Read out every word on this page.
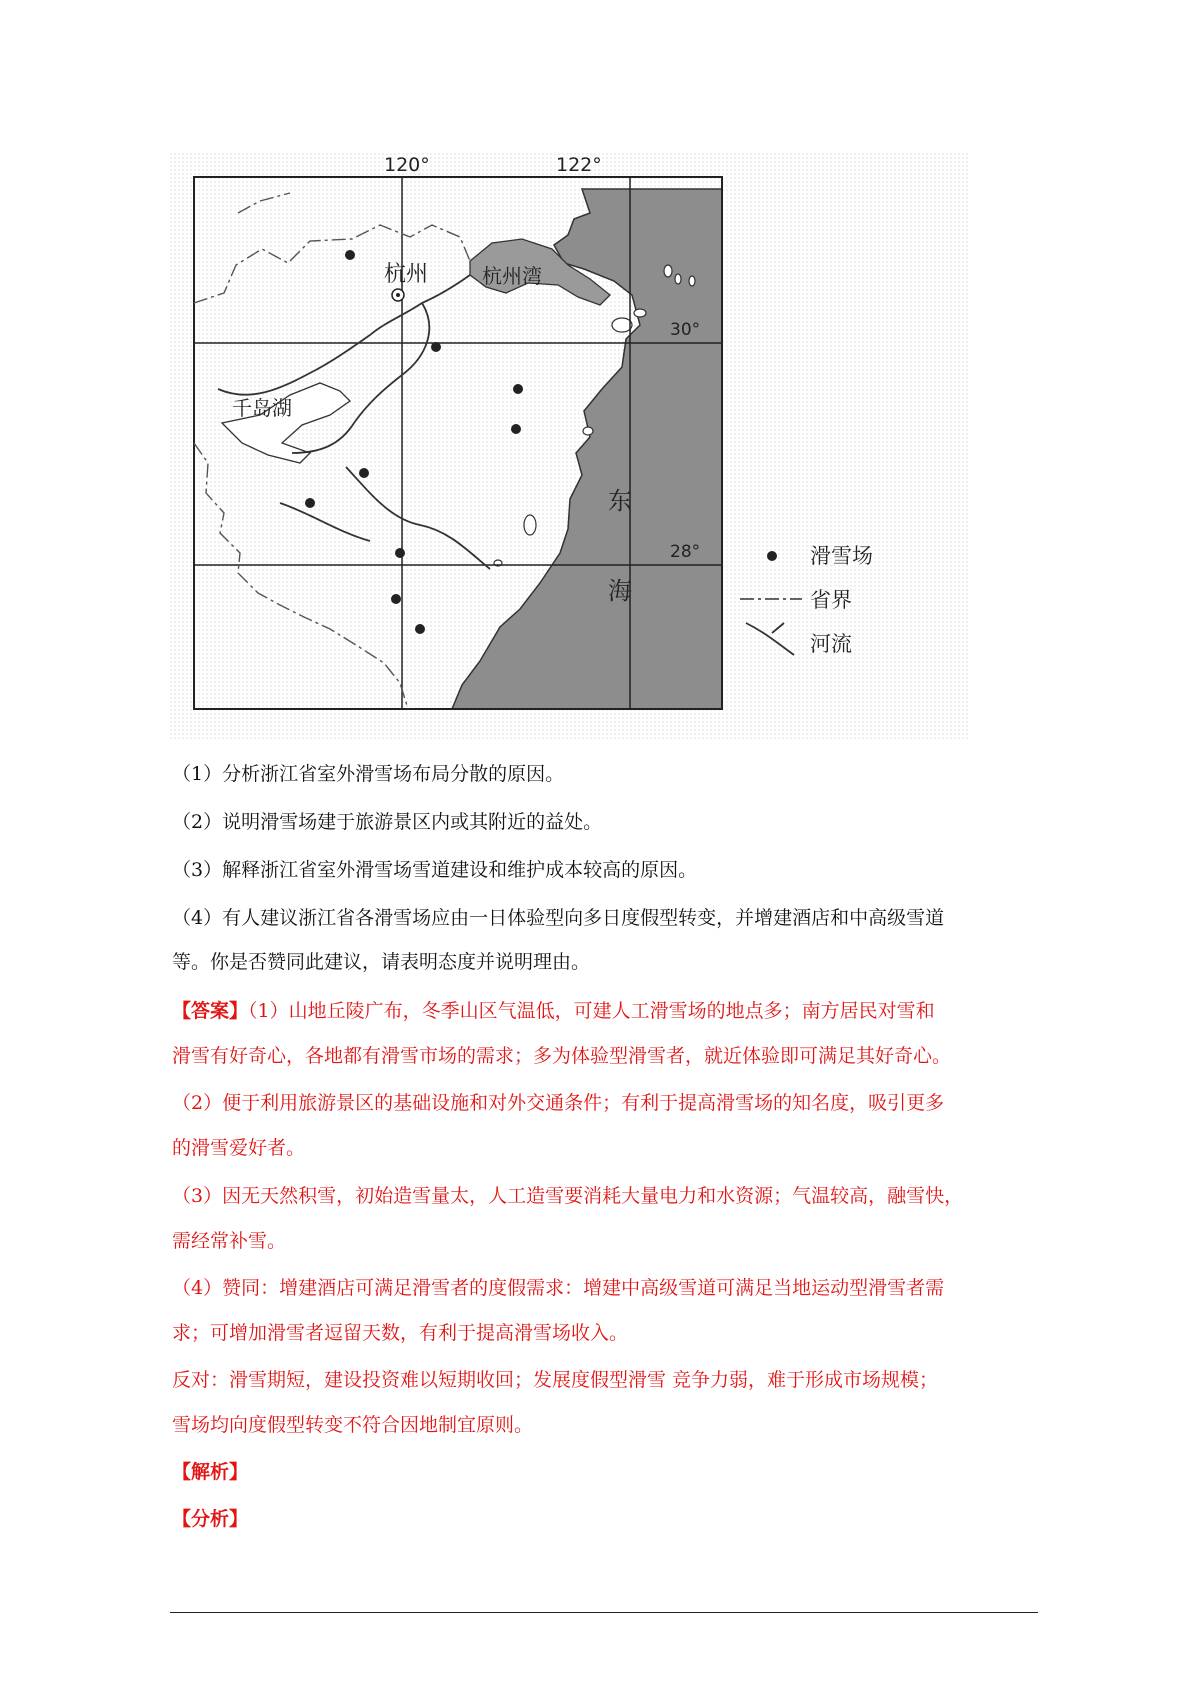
120°	122°
30°
28°
杭州	杭州湾
千岛湖
东
海
滑雪场
省界
河流
（1）分析浙江省室外滑雪场布局分散的原因。
（2）说明滑雪场建于旅游景区内或其附近的益处。
（3）解释浙江省室外滑雪场雪道建设和维护成本较高的原因。
（4）有人建议浙江省各滑雪场应由一日体验型向多日度假型转变，并增建酒店和中高级雪道
等。你是否赞同此建议，请表明态度并说明理由。
【答案】（1）山地丘陵广布，冬季山区气温低，可建人工滑雪场的地点多；南方居民对雪和
滑雪有好奇心，各地都有滑雪市场的需求；多为体验型滑雪者，就近体验即可满足其好奇心。
（2）便于利用旅游景区的基础设施和对外交通条件；有利于提高滑雪场的知名度，吸引更多
的滑雪爱好者。
（3）因无天然积雪，初始造雪量太，人工造雪要消耗大量电力和水资源；气温较高，融雪快，
需经常补雪。
（4）赞同：增建酒店可满足滑雪者的度假需求：增建中高级雪道可满足当地运动型滑雪者需
求；可增加滑雪者逗留天数，有利于提高滑雪场收入。
反对：滑雪期短，建设投资难以短期收回；发展度假型滑雪 竞争力弱，难于形成市场规模；
雪场均向度假型转变不符合因地制宜原则。
【解析】
【分析】
